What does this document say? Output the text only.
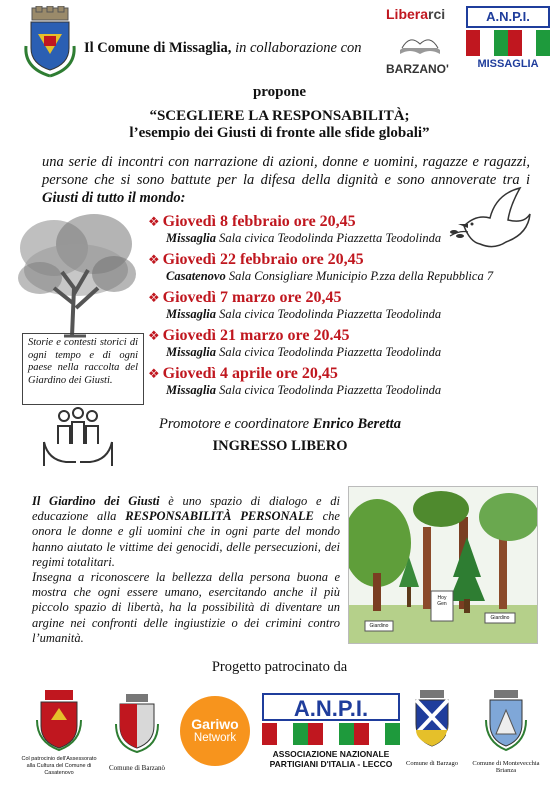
Il Comune di Missaglia, in collaborazione con
Liberarci
BARZANO'
A.N.P.I.
MISSAGLIA
propone
“SCEGLIERE LA RESPONSABILITÀ;
l’esempio dei Giusti di fronte alle sfide globali”
una serie di incontri con narrazione di azioni, donne e uomini, ragazze e ragazzi, persone che si sono battute per la difesa della dignità e sono annoverate tra i Giusti di tutto il mondo:
Storie e contesti storici di ogni tempo e di ogni paese nella raccolta del Giardino dei Giusti.
❖ Giovedì 8 febbraio ore 20,45
Missaglia Sala civica Teodolinda Piazzetta Teodolinda
❖ Giovedì 22 febbraio ore 20,45
Casatenovo Sala Consigliare Municipio P.zza della Repubblica 7
❖ Giovedì 7 marzo ore 20,45
Missaglia Sala civica Teodolinda Piazzetta Teodolinda
❖ Giovedì 21 marzo ore 20.45
Missaglia Sala civica Teodolinda Piazzetta Teodolinda
❖ Giovedì 4 aprile ore 20,45
Missaglia Sala civica Teodolinda Piazzetta Teodolinda
Promotore e coordinatore Enrico Beretta
INGRESSO LIBERO
Il Giardino dei Giusti è uno spazio di dialogo e di educazione alla RESPONSABILITÀ PERSONALE che onora le donne e gli uomini che in ogni parte del mondo hanno aiutato le vittime dei genocidi, delle persecuzioni, dei regimi totalitari.
Insegna a riconoscere la bellezza della persona buona e mostra che ogni essere umano, esercitando anche il più piccolo spazio di libertà, ha la possibilità di diventare un argine nei confronti delle ingiustizie o dei crimini contro l’umanità.
Giardino
Hoy Gen
Giardino
Progetto patrocinato da
Col patrocinio dell'Assessorato alla Cultura del Comune di Casatenovo
Comune di Barzanò
Gariwo
Network
A.N.P.I.
ASSOCIAZIONE NAZIONALE
PARTIGIANI D'ITALIA - LECCO	Comune di Barzago	Comune di Montevecchia Brianza
